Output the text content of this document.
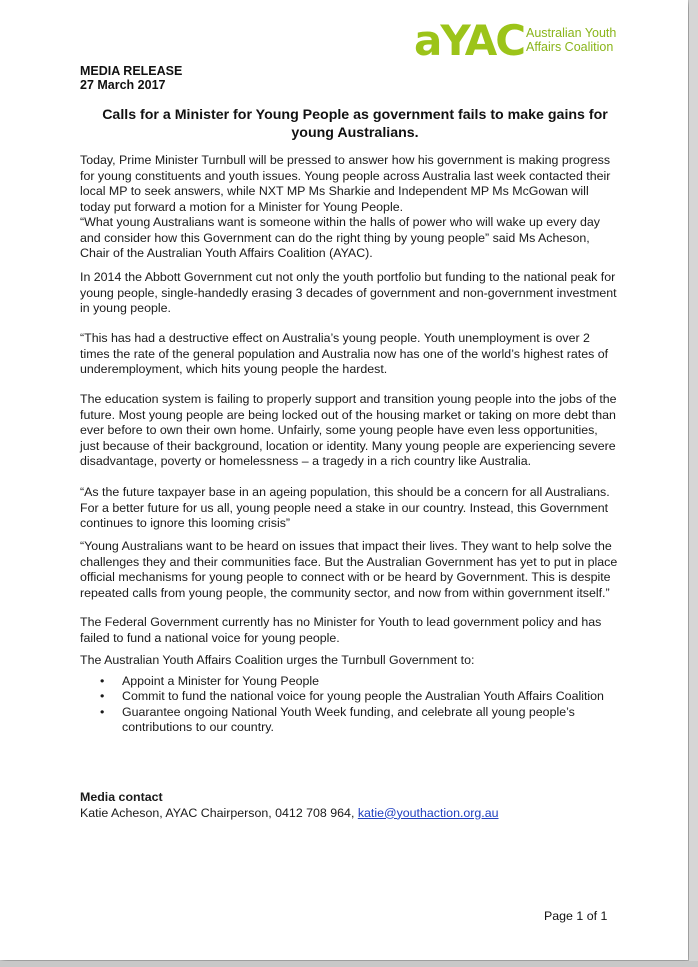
aYAC Australian Youth
Affairs Coalition
MEDIA RELEASE
27 March 2017
Calls for a Minister for Young People as government fails to make gains for young Australians.

Today, Prime Minister Turnbull will be pressed to answer how his government is making progress for young constituents and youth issues. Young people across Australia last week contacted their local MP to seek answers, while NXT MP Ms Sharkie and Independent MP Ms McGowan will today put forward a motion for a Minister for Young People.

“What young Australians want is someone within the halls of power who will wake up every day and consider how this Government can do the right thing by young people” said Ms Acheson, Chair of the Australian Youth Affairs Coalition (AYAC).

In 2014 the Abbott Government cut not only the youth portfolio but funding to the national peak for young people, single-handedly erasing 3 decades of government and non-government investment in young people.

“This has had a destructive effect on Australia’s young people. Youth unemployment is over 2 times the rate of the general population and Australia now has one of the world’s highest rates of underemployment, which hits young people the hardest.

The education system is failing to properly support and transition young people into the jobs of the future. Most young people are being locked out of the housing market or taking on more debt than ever before to own their own home. Unfairly, some young people have even less opportunities, just because of their background, location or identity. Many young people are experiencing severe disadvantage, poverty or homelessness – a tragedy in a rich country like Australia.

“As the future taxpayer base in an ageing population, this should be a concern for all Australians. For a better future for us all, young people need a stake in our country. Instead, this Government continues to ignore this looming crisis”

“Young Australians want to be heard on issues that impact their lives. They want to help solve the challenges they and their communities face. But the Australian Government has yet to put in place official mechanisms for young people to connect with or be heard by Government. This is despite repeated calls from young people, the community sector, and now from within government itself.”

The Federal Government currently has no Minister for Youth to lead government policy and has failed to fund a national voice for young people.

The Australian Youth Affairs Coalition urges the Turnbull Government to:

• Appoint a Minister for Young People
• Commit to fund the national voice for young people the Australian Youth Affairs Coalition
• Guarantee ongoing National Youth Week funding, and celebrate all young people’s contributions to our country.
Media contact
Katie Acheson, AYAC Chairperson, 0412 708 964, katie@youthaction.org.au
Page 1 of 1
